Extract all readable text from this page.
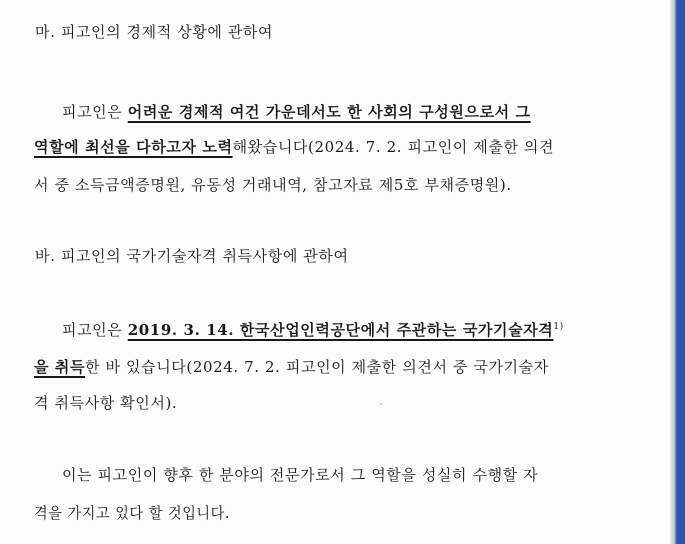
마. 피고인의 경제적 상황에 관하여
피고인은 어려운 경제적 여건 가운데서도 한 사회의 구성원으로서 그
역할에 최선을 다하고자 노력해왔습니다(2024. 7. 2. 피고인이 제출한 의견
서 중 소득금액증명원, 유동성 거래내역, 참고자료 제5호 부채증명원).
바. 피고인의 국가기술자격 취득사항에 관하여
피고인은 2019. 3. 14. 한국산업인력공단에서 주관하는 국가기술자격$^{1)}$
을 취득한 바 있습니다(2024. 7. 2. 피고인이 제출한 의견서 중 국가기술자
격 취득사항 확인서).
이는 피고인이 향후 한 분야의 전문가로서 그 역할을 성실히 수행할 자
격을 가지고 있다 할 것입니다.
